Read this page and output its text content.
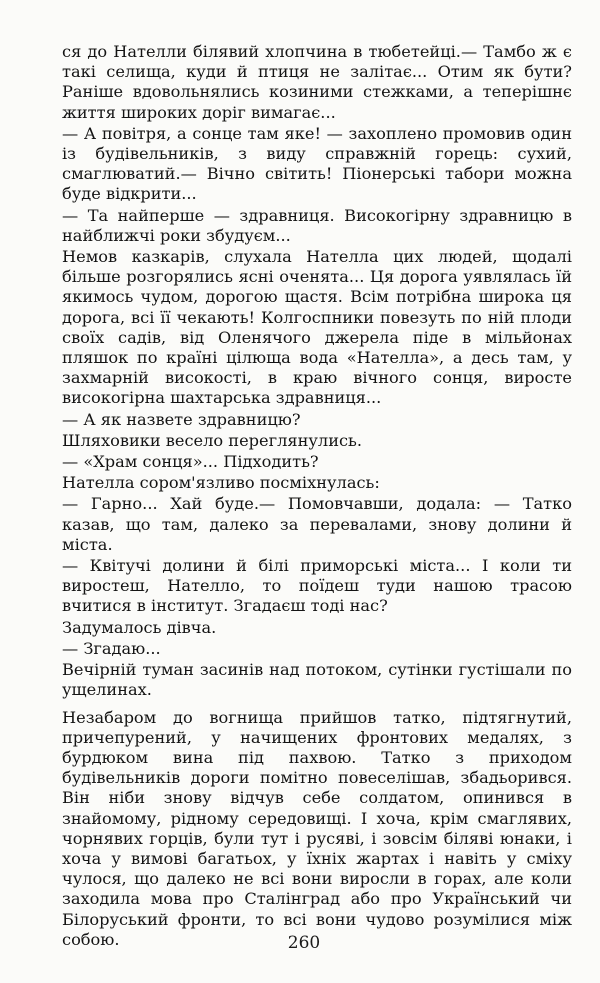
ся до Нателли білявий хлопчина в тюбетейці.— Тамбо ж є такі селища, куди й птиця не залітає... Отим як бути? Раніше вдовольнялись козиними стежками, а теперішнє життя широких доріг вимагає...

— А повітря, а сонце там яке! — захоплено промовив один із будівельників, з виду справжній горець: сухий, смаглюватий.— Вічно світить! Піонерські табори можна буде відкрити...

— Та найперше — здравниця. Високогірну здравницю в найближчі роки збудуєм...

Немов казкарів, слухала Нателла цих людей, щодалі більше розгорялись ясні оченята... Ця дорога уявлялась їй якимось чудом, дорогою щастя. Всім потрібна широка ця дорога, всі її чекають! Колгоспники повезуть по ній плоди своїх садів, від Оленячого джерела піде в мільйонах пляшок по країні цілюща вода «Нателла», а десь там, у захмарній високості, в краю вічного сонця, виросте високогірна шахтарська здравниця...

— А як назвете здравницю?

Шляховики весело переглянулись.

— «Храм сонця»... Підходить?

Нателла сором'язливо посміхнулась:

— Гарно... Хай буде.— Помовчавши, додала: — Татко казав, що там, далеко за перевалами, знову долини й міста.

— Квітучі долини й білі приморські міста... І коли ти виростеш, Нателло, то поїдеш туди нашою трасою вчитися в інститут. Згадаєш тоді нас?

Задумалось дівча.

— Згадаю...

Вечірній туман засинів над потоком, сутінки густішали по ущелинах.

Незабаром до вогнища прийшов татко, підтягнутий, причепурений, у начищених фронтових медалях, з бурдюком вина під пахвою. Татко з приходом будівельників дороги помітно повеселішав, збадьорився. Він ніби знову відчув себе солдатом, опинився в знайомому, рідному середовищі. І хоча, крім смаглявих, чорнявих горців, були тут і русяві, і зовсім біляві юнаки, і хоча у вимові багатьох, у їхніх жартах і навіть у сміху чулося, що далеко не всі вони виросли в горах, але коли заходила мова про Сталінград або про Український чи Білоруський фронти, то всі вони чудово розумілися між собою.	260
